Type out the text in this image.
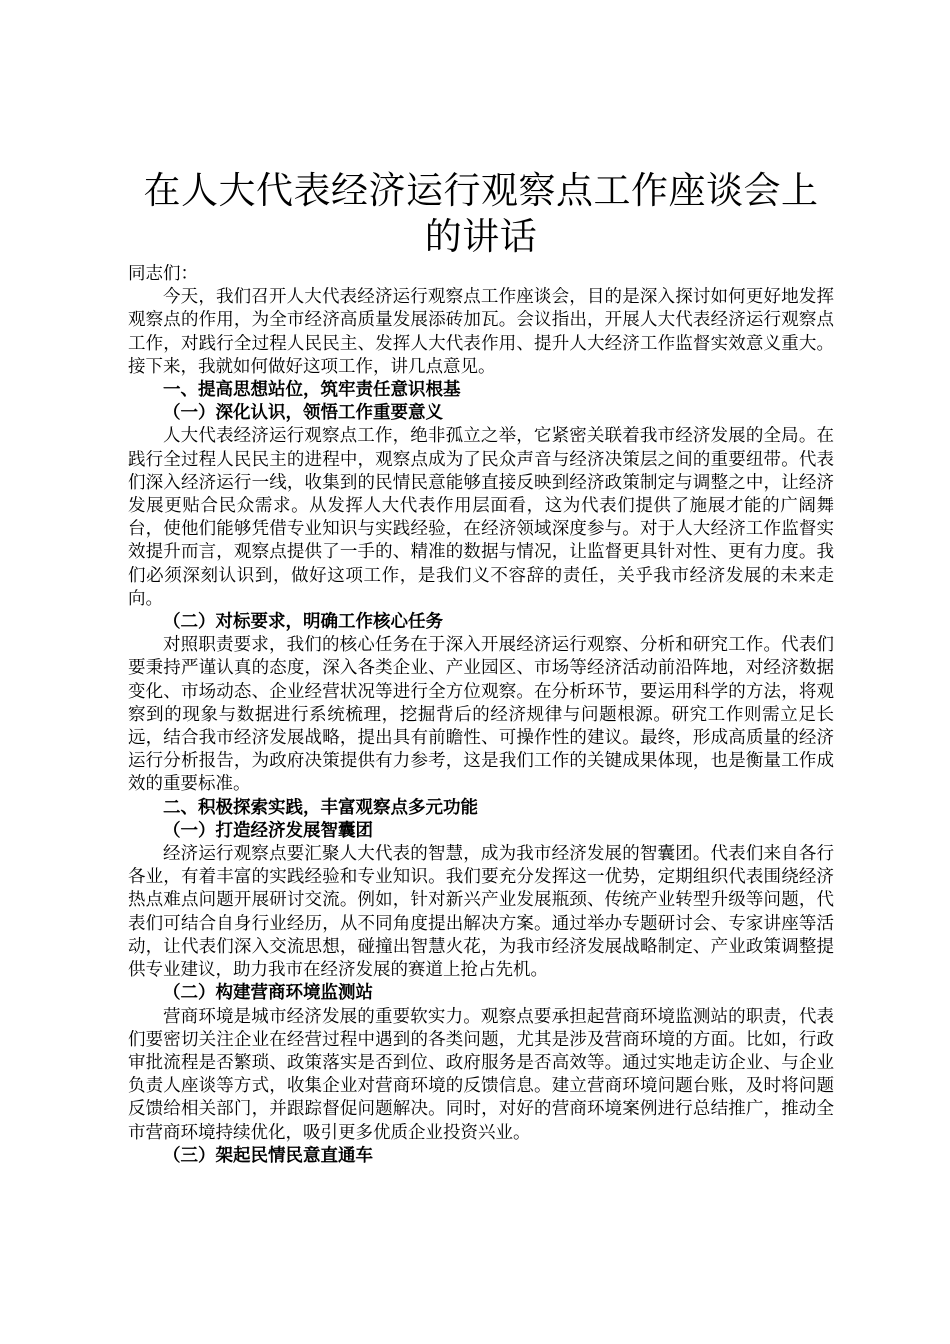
在人大代表经济运行观察点工作座谈会上的讲话

同志们：

今天，我们召开人大代表经济运行观察点工作座谈会，目的是深入探讨如何更好地发挥观察点的作用，为全市经济高质量发展添砖加瓦。会议指出，开展人大代表经济运行观察点工作，对践行全过程人民民主、发挥人大代表作用、提升人大经济工作监督实效意义重大。接下来，我就如何做好这项工作，讲几点意见。

一、提高思想站位，筑牢责任意识根基

（一）深化认识，领悟工作重要意义

人大代表经济运行观察点工作，绝非孤立之举，它紧密关联着我市经济发展的全局。在践行全过程人民民主的进程中，观察点成为了民众声音与经济决策层之间的重要纽带。代表们深入经济运行一线，收集到的民情民意能够直接反映到经济政策制定与调整之中，让经济发展更贴合民众需求。从发挥人大代表作用层面看，这为代表们提供了施展才能的广阔舞台，使他们能够凭借专业知识与实践经验，在经济领域深度参与。对于人大经济工作监督实效提升而言，观察点提供了一手的、精准的数据与情况，让监督更具针对性、更有力度。我们必须深刻认识到，做好这项工作，是我们义不容辞的责任，关乎我市经济发展的未来走向。

（二）对标要求，明确工作核心任务

对照职责要求，我们的核心任务在于深入开展经济运行观察、分析和研究工作。代表们要秉持严谨认真的态度，深入各类企业、产业园区、市场等经济活动前沿阵地，对经济数据变化、市场动态、企业经营状况等进行全方位观察。在分析环节，要运用科学的方法，将观察到的现象与数据进行系统梳理，挖掘背后的经济规律与问题根源。研究工作则需立足长远，结合我市经济发展战略，提出具有前瞻性、可操作性的建议。最终，形成高质量的经济运行分析报告，为政府决策提供有力参考，这是我们工作的关键成果体现，也是衡量工作成效的重要标准。

二、积极探索实践，丰富观察点多元功能

（一）打造经济发展智囊团

经济运行观察点要汇聚人大代表的智慧，成为我市经济发展的智囊团。代表们来自各行各业，有着丰富的实践经验和专业知识。我们要充分发挥这一优势，定期组织代表围绕经济热点难点问题开展研讨交流。例如，针对新兴产业发展瓶颈、传统产业转型升级等问题，代表们可结合自身行业经历，从不同角度提出解决方案。通过举办专题研讨会、专家讲座等活动，让代表们深入交流思想，碰撞出智慧火花，为我市经济发展战略制定、产业政策调整提供专业建议，助力我市在经济发展的赛道上抢占先机。

（二）构建营商环境监测站

营商环境是城市经济发展的重要软实力。观察点要承担起营商环境监测站的职责，代表们要密切关注企业在经营过程中遇到的各类问题，尤其是涉及营商环境的方面。比如，行政审批流程是否繁琐、政策落实是否到位、政府服务是否高效等。通过实地走访企业、与企业负责人座谈等方式，收集企业对营商环境的反馈信息。建立营商环境问题台账，及时将问题反馈给相关部门，并跟踪督促问题解决。同时，对好的营商环境案例进行总结推广，推动全市营商环境持续优化，吸引更多优质企业投资兴业。

（三）架起民情民意直通车
